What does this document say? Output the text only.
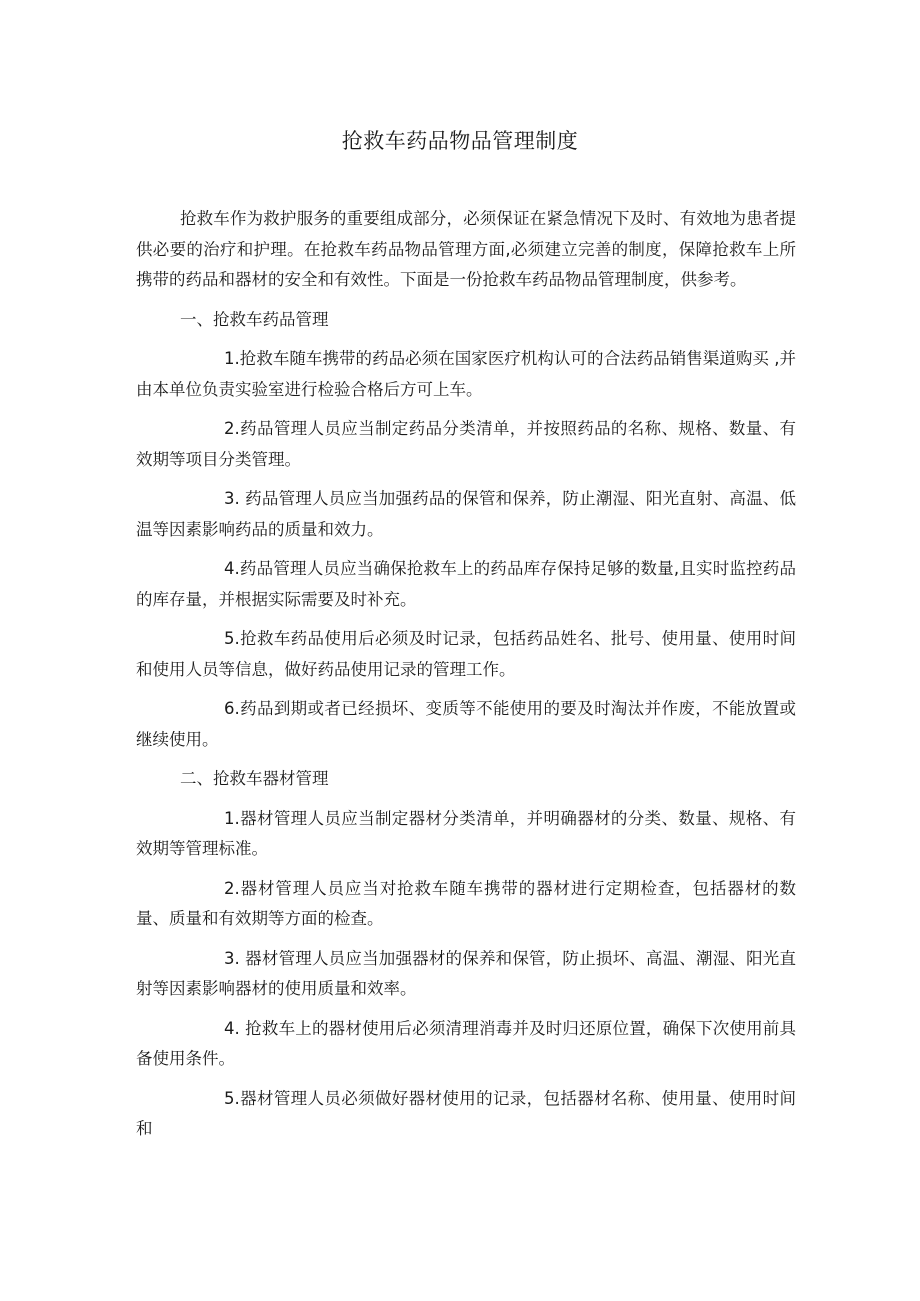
抢救车药品物品管理制度

抢救车作为救护服务的重要组成部分，必须保证在紧急情况下及时、有效地为患者提供必要的治疗和护理。在抢救车药品物品管理方面,必须建立完善的制度，保障抢救车上所携带的药品和器材的安全和有效性。下面是一份抢救车药品物品管理制度，供参考。

一、抢救车药品管理

1.抢救车随车携带的药品必须在国家医疗机构认可的合法药品销售渠道购买 ,并由本单位负责实验室进行检验合格后方可上车。

2.药品管理人员应当制定药品分类清单，并按照药品的名称、规格、数量、有效期等项目分类管理。

3. 药品管理人员应当加强药品的保管和保养，防止潮湿、阳光直射、高温、低温等因素影响药品的质量和效力。

4.药品管理人员应当确保抢救车上的药品库存保持足够的数量,且实时监控药品的库存量，并根据实际需要及时补充。

5.抢救车药品使用后必须及时记录，包括药品姓名、批号、使用量、使用时间和使用人员等信息，做好药品使用记录的管理工作。

6.药品到期或者已经损坏、变质等不能使用的要及时淘汰并作废，不能放置或继续使用。

二、抢救车器材管理

1.器材管理人员应当制定器材分类清单，并明确器材的分类、数量、规格、有效期等管理标准。

2.器材管理人员应当对抢救车随车携带的器材进行定期检查，包括器材的数量、质量和有效期等方面的检查。

3. 器材管理人员应当加强器材的保养和保管，防止损坏、高温、潮湿、阳光直射等因素影响器材的使用质量和效率。

4. 抢救车上的器材使用后必须清理消毒并及时归还原位置，确保下次使用前具备使用条件。

5.器材管理人员必须做好器材使用的记录，包括器材名称、使用量、使用时间和
